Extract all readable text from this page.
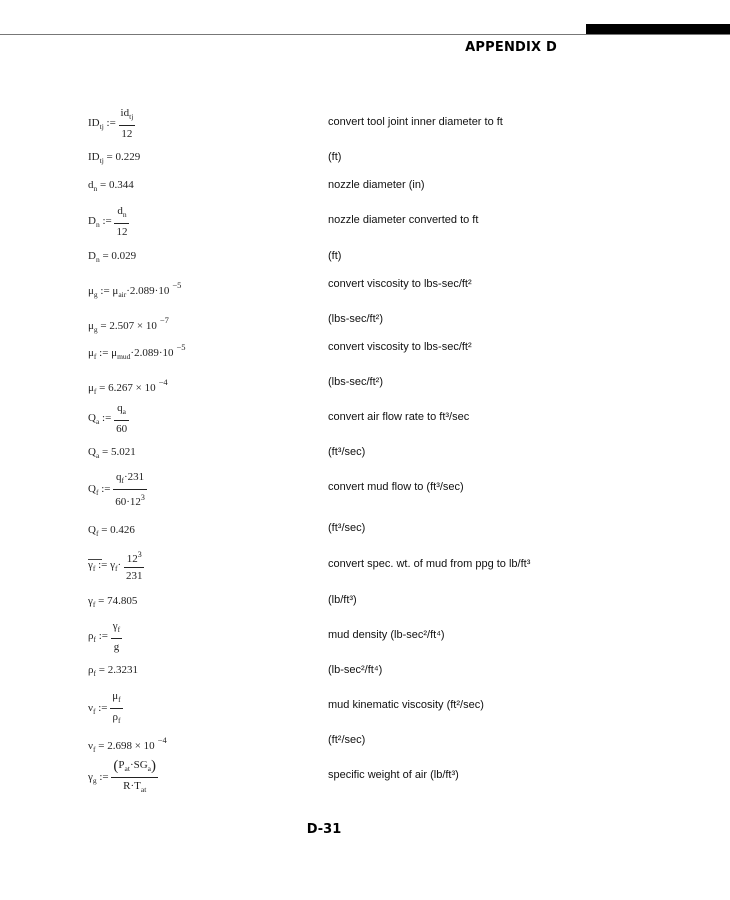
APPENDIX D
$ID_{tj}$ := $\frac{id_{tj}}{12}$	convert tool joint inner diameter to ft
$ID_{tj} = 0.229$	(ft)
$d_n = 0.344$	nozzle diameter (in)
$D_n$ := $\frac{d_n}{12}$	nozzle diameter converted to ft
$D_n = 0.029$	(ft)
$\mu_g$ := $\mu_{air}\cdot 2.089\cdot 10$ $^{-5}$	convert viscosity to lbs-sec/ft²
$\mu_g = 2.507 \times 10$ $^{-7}$	(lbs-sec/ft²)
$\mu_f$ := $\mu_{mud}\cdot 2.089\cdot 10$ $^{-5}$	convert viscosity to lbs-sec/ft²
$\mu_f = 6.267 \times 10$ $^{-4}$	(lbs-sec/ft²)
$Q_a$ := $\frac{q_a}{60}$	convert air flow rate to ft³/sec
$Q_a = 5.021$	(ft³/sec)
$Q_f$ := $\frac{q_f\cdot 231}{60\cdot 12^3}$	convert mud flow to (ft³/sec)
$Q_f = 0.426$	(ft³/sec)
$\gamma_f$ := $\gamma_f\cdot \frac{12^3}{231}$	convert spec. wt. of mud from ppg to lb/ft³
$\gamma_f = 74.805$	(lb/ft³)
$\rho_f$ := $\frac{\gamma_f}{g}$	mud density (lb-sec²/ft⁴)
$\rho_f = 2.3231$	(lb-sec²/ft⁴)
$\nu_f$ := $\frac{\mu_f}{\rho_f}$	mud kinematic viscosity (ft²/sec)
$\nu_f = 2.698 \times 10$ $^{-4}$	(ft²/sec)
$\gamma_g$ := $\frac{(P_{at}\cdot SG_a)}{R\cdot T_{at}}$	specific weight of air (lb/ft³)
D-31
